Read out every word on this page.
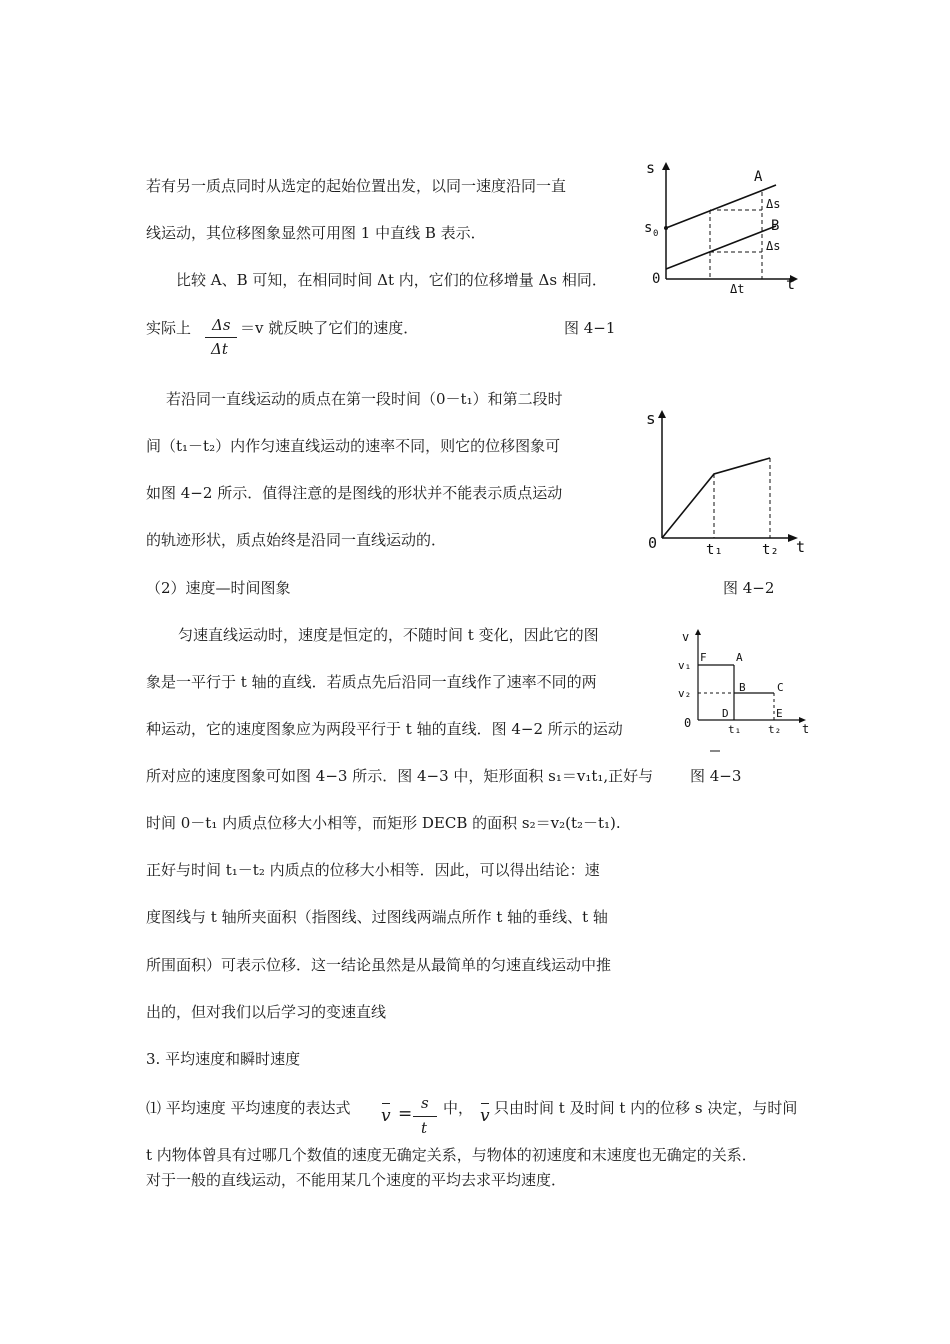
若有另一质点同时从选定的起始位置出发，以同一速度沿同一直
线运动，其位移图象显然可用图 1 中直线 B 表示．
比较 A、B 可知，在相同时间 Δt 内，它们的位移增量 Δs 相同．
实际上 Δs
Δt
＝v 就反映了它们的速度．	图 4−1
s
t
0
s 0
A
B
Δs
Δs
Δt
若沿同一直线运动的质点在第一段时间（0－t₁）和第二段时
间（t₁－t₂）内作匀速直线运动的速率不同，则它的位移图象可
如图 4−2 所示．值得注意的是图线的形状并不能表示质点运动
的轨迹形状，质点始终是沿同一直线运动的．
s
t
0	t₁	t₂
图 4−2
（2）速度—时间图象
匀速直线运动时，速度是恒定的，不随时间 t 变化，因此它的图
象是一平行于 t 轴的直线．若质点先后沿同一直线作了速率不同的两
种运动，它的速度图象应为两段平行于 t 轴的直线．图 4−2 所示的运动
所对应的速度图象可如图 4−3 所示．图 4−3 中，矩形面积 s₁＝v₁t₁,正好与
时间 0－t₁ 内质点位移大小相等，而矩形 DECB 的面积 s₂＝v₂(t₂－t₁).
正好与时间 t₁－t₂ 内质点的位移大小相等．因此，可以得出结论：速
度图线与 t 轴所夹面积（指图线、过图线两端点所作 t 轴的垂线、t 轴
所围面积）可表示位移．这一结论虽然是从最简单的匀速直线运动中推
出的，但对我们以后学习的变速直线
v
t
0
v₁
v₂
F	A
B	C
D	E
t₁ t₂
图 4−3
3. 平均速度和瞬时速度
⑴ 平均速度 平均速度的表达式 v =
s
t
中， v 只由时间 t 及时间 t 内的位移 s 决定，与时间
t 内物体曾具有过哪几个数值的速度无确定关系，与物体的初速度和末速度也无确定的关系．
对于一般的直线运动，不能用某几个速度的平均去求平均速度．
